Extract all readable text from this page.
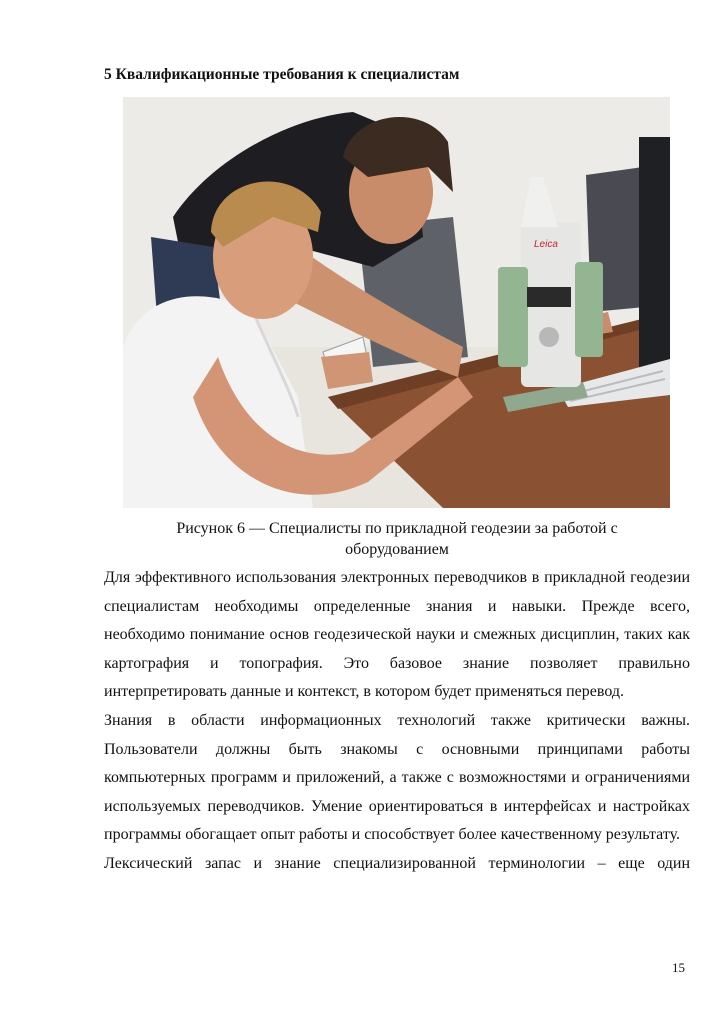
5 Квалификационные требования к специалистам
Leica
Рисунок 6 — Специалисты по прикладной геодезии за работой с
оборудованием

Для эффективного использования электронных переводчиков в прикладной геодезии специалистам необходимы определенные знания и навыки. Прежде всего, необходимо понимание основ геодезической науки и смежных дисциплин, таких как картография и топография. Это базовое знание позволяет правильно интерпретировать данные и контекст, в котором будет применяться перевод.

Знания в области информационных технологий также критически важны. Пользователи должны быть знакомы с основными принципами работы компьютерных программ и приложений, а также с возможностями и ограничениями используемых переводчиков. Умение ориентироваться в интерфейсах и настройках программы обогащает опыт работы и способствует более качественному результату.

Лексический запас и знание специализированной терминологии – еще один

15
